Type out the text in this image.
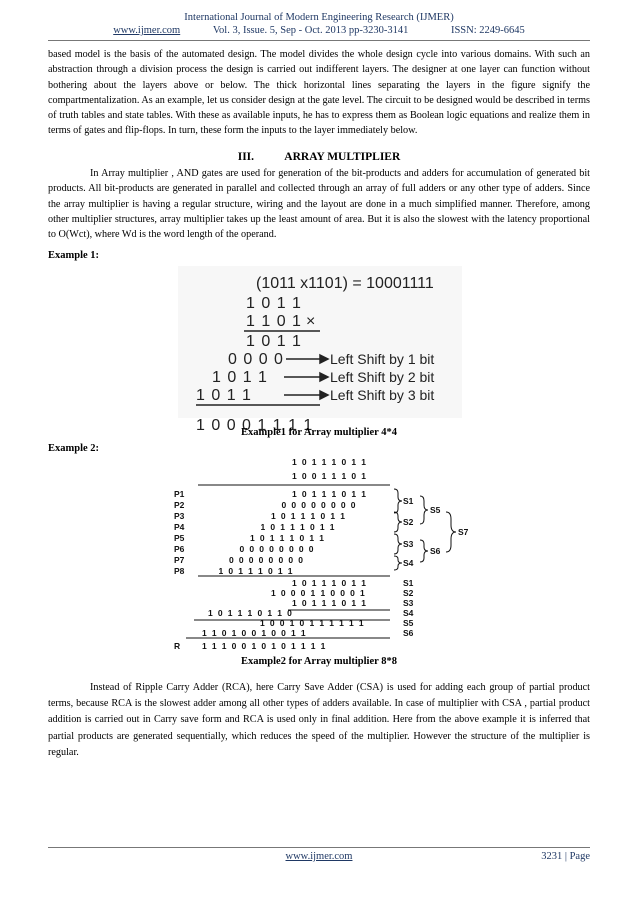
International Journal of Modern Engineering Research (IJMER)
www.ijmer.com	Vol. 3, Issue. 5, Sep - Oct. 2013 pp-3230-3141	ISSN: 2249-6645

based model is the basis of the automated design. The model divides the whole design cycle into various domains. With such an abstraction through a division process the design is carried out indifferent layers. The designer at one layer can function without bothering about the layers above or below. The thick horizontal lines separating the layers in the figure signify the compartmentalization. As an example, let us consider design at the gate level. The circuit to be designed would be described in terms of truth tables and state tables. With these as available inputs, he has to express them as Boolean logic equations and realize them in terms of gates and flip-flops. In turn, these form the inputs to the layer immediately below.

III.	ARRAY MULTIPLIER

In Array multiplier , AND gates are used for generation of the bit-products and adders for accumulation of generated bit products. All bit-products are generated in parallel and collected through an array of full adders or any other type of adders. Since the array multiplier is having a regular structure, wiring and the layout are done in a much simplified manner. Therefore, among other multiplier structures, array multiplier takes up the least amount of area. But it is also the slowest with the latency proportional to O(Wct), where Wd is the word length of the operand.

Example 1:
(1011 x1101) = 10001111
1 0 1 1
1 1 0 1 ×
1 0 1 1
0 0 0 0
1 0 1 1
1 0 1 1
Left Shift by 1 bit
Left Shift by 2 bit
Left Shift by 3 bit
1 0 0 0 1 1 1 1
Example1 for Array multiplier 4*4
Example 2:
1 0 1 1 1 0 1 1
1 0 0 1 1 1 0 1
P1	1 0 1 1 1 0 1 1
P2	0 0 0 0 0 0 0 0
P3	1 0 1 1 1 0 1 1
P4	1 0 1 1 1 0 1 1
P5	1 0 1 1 1 0 1 1
P6	0 0 0 0 0 0 0 0
P7	0 0 0 0 0 0 0 0
P8	1 0 1 1 1 0 1 1
S1
S2
S3
S4
S5
S6
S7
1 0 1 1 1 0 1 1	S1
1 0 0 0 1 1 0 0 0 1	S2
1 0 1 1 1 0 1 1	S3
1 0 1 1 1 0 1 1 0	S4
1 0 0 1 0 1 1 1 1 1 1	S5
1 1 0 1 0 0 1 0 0 1 1	S6
R	1 1 1 0 0 1 0 1 0 1 1 1 1
Example2 for Array multiplier 8*8

Instead of Ripple Carry Adder (RCA), here Carry Save Adder (CSA) is used for adding each group of partial product terms, because RCA is the slowest adder among all other types of adders available. In case of multiplier with CSA , partial product addition is carried out in Carry save form and RCA is used only in final addition. Here from the above example it is inferred that partial products are generated sequentially, which reduces the speed of the multiplier. However the structure of the multiplier is regular.

www.ijmer.com	3231 | Page
